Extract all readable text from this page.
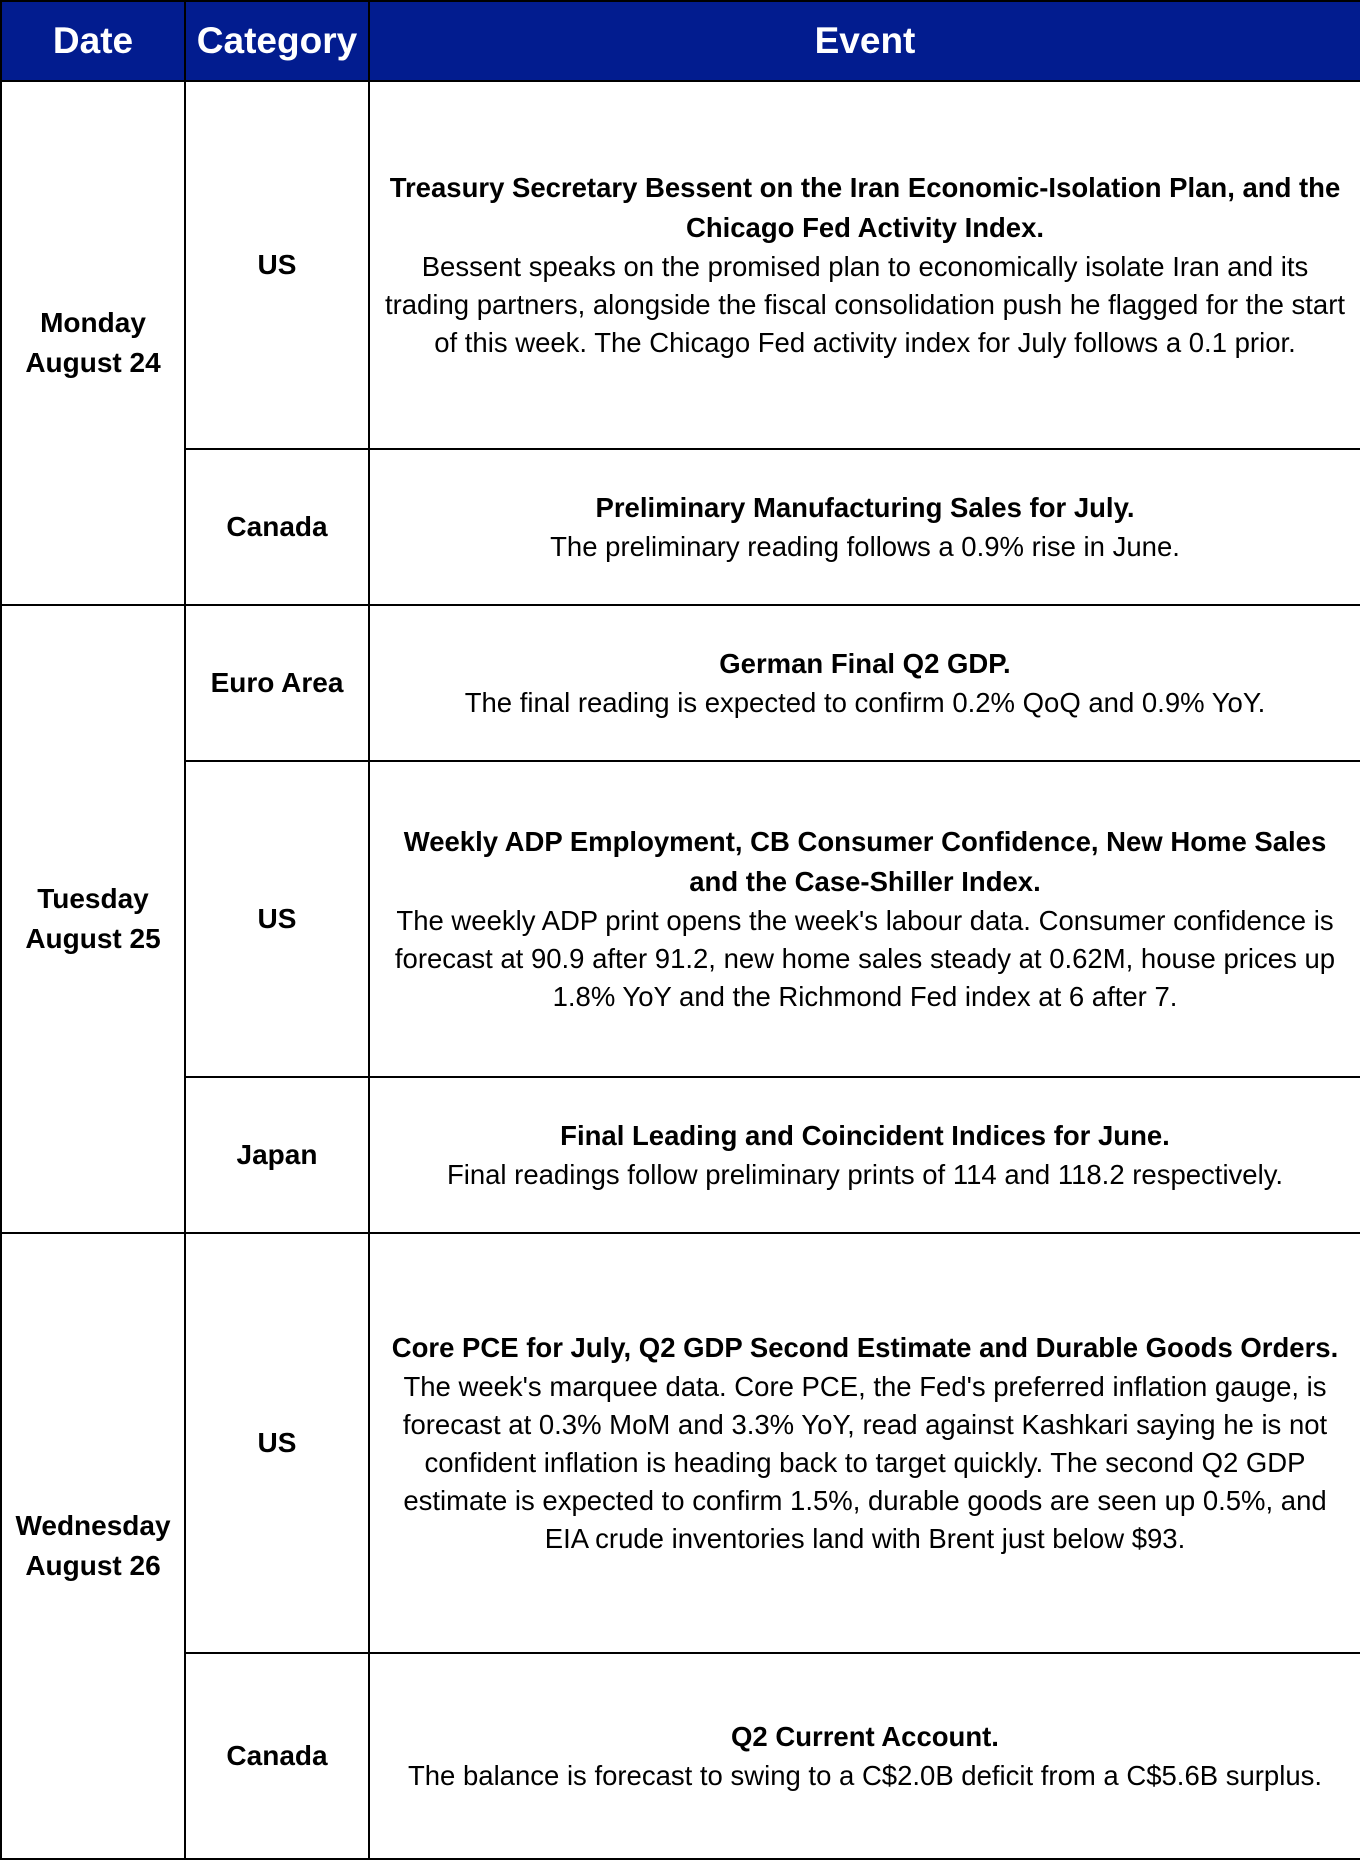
Date	Category	Event

Monday
August 24	US	Treasury Secretary Bessent on the Iran Economic-Isolation Plan, and the Chicago Fed Activity Index.
Bessent speaks on the promised plan to economically isolate Iran and its trading partners, alongside the fiscal consolidation push he flagged for the start of this week. The Chicago Fed activity index for July follows a 0.1 prior.

	Canada	Preliminary Manufacturing Sales for July.
The preliminary reading follows a 0.9% rise in June.

Tuesday
August 25	Euro Area	German Final Q2 GDP.
The final reading is expected to confirm 0.2% QoQ and 0.9% YoY.

	US	Weekly ADP Employment, CB Consumer Confidence, New Home Sales and the Case-Shiller Index.
The weekly ADP print opens the week's labour data. Consumer confidence is forecast at 90.9 after 91.2, new home sales steady at 0.62M, house prices up 1.8% YoY and the Richmond Fed index at 6 after 7.

	Japan	Final Leading and Coincident Indices for June.
Final readings follow preliminary prints of 114 and 118.2 respectively.

Wednesday
August 26	US	Core PCE for July, Q2 GDP Second Estimate and Durable Goods Orders.
The week's marquee data. Core PCE, the Fed's preferred inflation gauge, is forecast at 0.3% MoM and 3.3% YoY, read against Kashkari saying he is not confident inflation is heading back to target quickly. The second Q2 GDP estimate is expected to confirm 1.5%, durable goods are seen up 0.5%, and EIA crude inventories land with Brent just below $93.

	Canada	Q2 Current Account.
The balance is forecast to swing to a C$2.0B deficit from a C$5.6B surplus.
